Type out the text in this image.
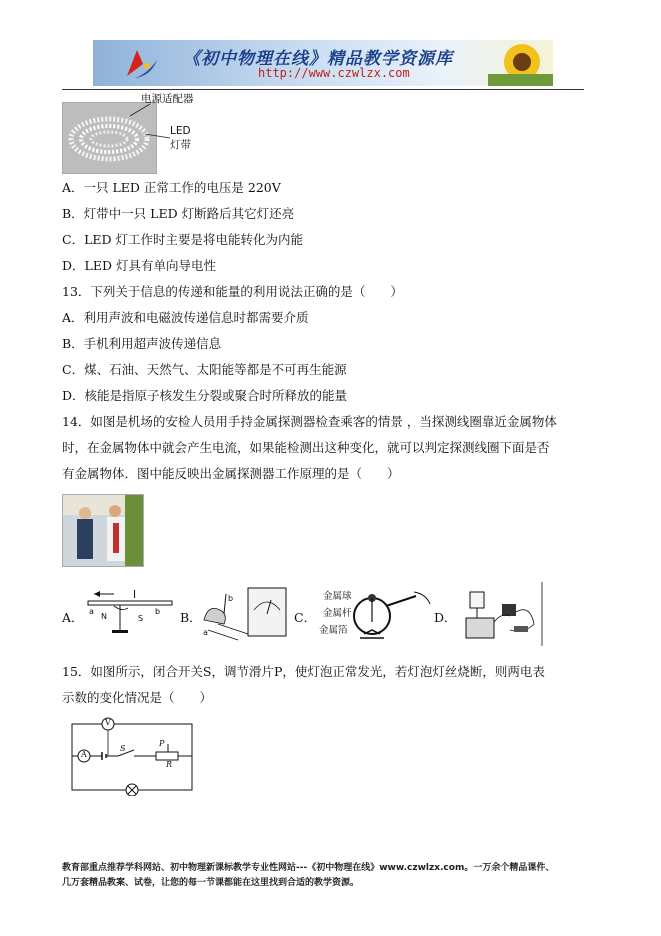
《初中物理在线》精品教学资源库
http://www.czwlzx.com
电源适配器
LED
灯带
A．一只 LED 正常工作的电压是 220V
B．灯带中一只 LED 灯断路后其它灯还亮
C．LED 灯工作时主要是将电能转化为内能
D．LED 灯具有单向导电性
13．下列关于信息的传递和能量的利用说法正确的是（　　）
A．利用声波和电磁波传递信息时都需要介质
B．手机利用超声波传递信息
C．煤、石油、天然气、太阳能等都是不可再生能源
D．核能是指原子核发生分裂或聚合时所释放的能量
14．如图是机场的安检人员用手持金属探测器检查乘客的情景 ，当探测线圈靠近金属物体
时，在金属物体中就会产生电流，如果能检测出这种变化，就可以判定探测线圈下面是否
有金属物体．图中能反映出金属探测器工作原理的是（　　）
A．
I
N	S
a	b B．
b
a
C．
金属球
金属杆
金属箔
D．
15．如图所示，闭合开关S，调节滑片P，使灯泡正常发光，若灯泡灯丝烧断，则两电表
示数的变化情况是（　　）
V
A
S
P
R
教育部重点推荐学科网站、初中物理新课标教学专业性网站---《初中物理在线》www.czwlzx.com。一万余个精品课件、
几万套精品教案、试卷，让您的每一节课都能在这里找到合适的教学资源。
